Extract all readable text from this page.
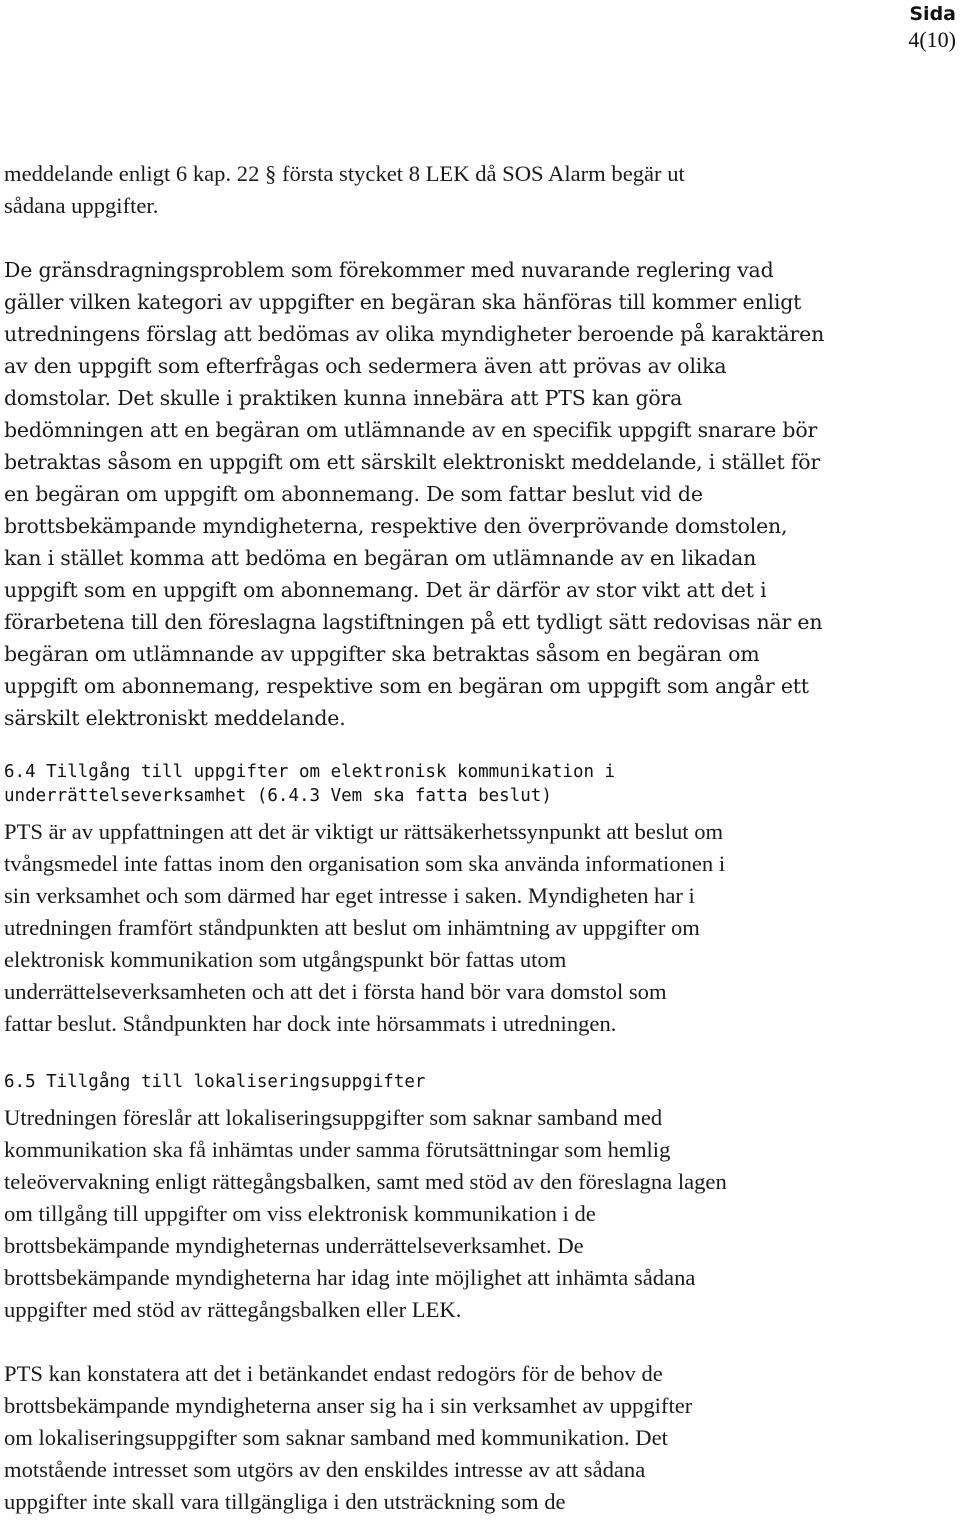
Sida
4(10)

meddelande enligt 6 kap. 22 § första stycket 8 LEK då SOS Alarm begär ut
sådana uppgifter.

De gränsdragningsproblem som förekommer med nuvarande reglering vad
gäller vilken kategori av uppgifter en begäran ska hänföras till kommer enligt
utredningens förslag att bedömas av olika myndigheter beroende på karaktären
av den uppgift som efterfrågas och sedermera även att prövas av olika
domstolar. Det skulle i praktiken kunna innebära att PTS kan göra
bedömningen att en begäran om utlämnande av en specifik uppgift snarare bör
betraktas såsom en uppgift om ett särskilt elektroniskt meddelande, i stället för
en begäran om uppgift om abonnemang. De som fattar beslut vid de
brottsbekämpande myndigheterna, respektive den överprövande domstolen,
kan i stället komma att bedöma en begäran om utlämnande av en likadan
uppgift som en uppgift om abonnemang. Det är därför av stor vikt att det i
förarbetena till den föreslagna lagstiftningen på ett tydligt sätt redovisas när en
begäran om utlämnande av uppgifter ska betraktas såsom en begäran om
uppgift om abonnemang, respektive som en begäran om uppgift som angår ett
särskilt elektroniskt meddelande.

6.4 Tillgång till uppgifter om elektronisk kommunikation i
underrättelseverksamhet (6.4.3 Vem ska fatta beslut)

PTS är av uppfattningen att det är viktigt ur rättsäkerhetssynpunkt att beslut om
tvångsmedel inte fattas inom den organisation som ska använda informationen i
sin verksamhet och som därmed har eget intresse i saken. Myndigheten har i
utredningen framfört ståndpunkten att beslut om inhämtning av uppgifter om
elektronisk kommunikation som utgångspunkt bör fattas utom
underrättelseverksamheten och att det i första hand bör vara domstol som
fattar beslut. Ståndpunkten har dock inte hörsammats i utredningen.

6.5 Tillgång till lokaliseringsuppgifter

Utredningen föreslår att lokaliseringsuppgifter som saknar samband med
kommunikation ska få inhämtas under samma förutsättningar som hemlig
teleövervakning enligt rättegångsbalken, samt med stöd av den föreslagna lagen
om tillgång till uppgifter om viss elektronisk kommunikation i de
brottsbekämpande myndigheternas underrättelseverksamhet. De
brottsbekämpande myndigheterna har idag inte möjlighet att inhämta sådana
uppgifter med stöd av rättegångsbalken eller LEK.

PTS kan konstatera att det i betänkandet endast redogörs för de behov de
brottsbekämpande myndigheterna anser sig ha i sin verksamhet av uppgifter
om lokaliseringsuppgifter som saknar samband med kommunikation. Det
motstående intresset som utgörs av den enskildes intresse av att sådana
uppgifter inte skall vara tillgängliga i den utsträckning som de
